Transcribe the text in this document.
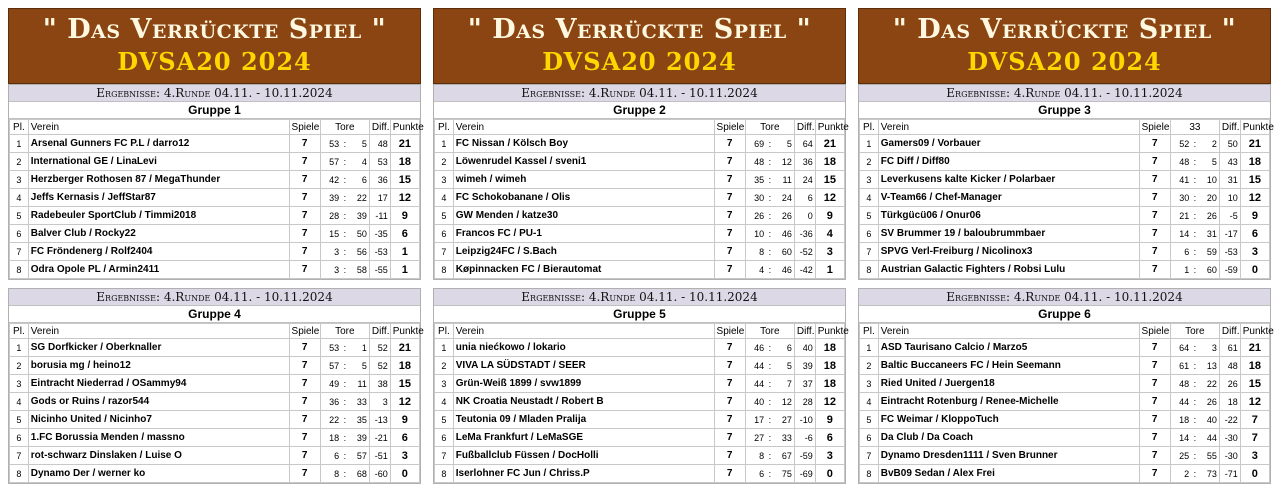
" Das Verrückte Spiel "
DVSA20 2024
Ergebnisse: 4.Runde 04.11. - 10.11.2024
Gruppe 1
Pl.	Verein	Spiele	Tore			Diff.	Punkte
1	Arsenal Gunners FC P.L / darro12	7	53	:	5	48	21
2	International GE / LinaLevi	7	57	:	4	53	18
3	Herzberger Rothosen 87 / MegaThunder	7	42	:	6	36	15
4	Jeffs Kernasis / JeffStar87	7	39	:	22	17	12
5	Radebeuler SportClub / Timmi2018	7	28	:	39	-11	9
6	Balver Club / Rocky22	7	15	:	50	-35	6
7	FC Fröndenerg / Rolf2404	7	3	:	56	-53	1
8	Odra Opole PL / Armin2411	7	3	:	58	-55	1
Ergebnisse: 4.Runde 04.11. - 10.11.2024
Gruppe 4
Pl.	Verein	Spiele	Tore			Diff.	Punkte
1	SG Dorfkicker / Oberknaller	7	53	:	1	52	21
2	borusia mg / heino12	7	57	:	5	52	18
3	Eintracht Niederrad / OSammy94	7	49	:	11	38	15
4	Gods or Ruins / razor544	7	36	:	33	3	12
5	Nicinho United / Nicinho7	7	22	:	35	-13	9
6	1.FC Borussia Menden / massno	7	18	:	39	-21	6
7	rot-schwarz Dinslaken / Luise O	7	6	:	57	-51	3
8	Dynamo Der / werner ko	7	8	:	68	-60	0
" Das Verrückte Spiel "
DVSA20 2024
Ergebnisse: 4.Runde 04.11. - 10.11.2024
Gruppe 2
Pl.	Verein	Spiele	Tore			Diff.	Punkte
1	FC Nissan / Kölsch Boy	7	69	:	5	64	21
2	Löwenrudel Kassel / sveni1	7	48	:	12	36	18
3	wimeh / wimeh	7	35	:	11	24	15
4	FC Schokobanane / Olis	7	30	:	24	6	12
5	GW Menden / katze30	7	26	:	26	0	9
6	Francos FC / PU-1	7	10	:	46	-36	4
7	Leipzig24FC / S.Bach	7	8	:	60	-52	3
8	Køpinnacken FC / Bierautomat	7	4	:	46	-42	1
Ergebnisse: 4.Runde 04.11. - 10.11.2024
Gruppe 5
Pl.	Verein	Spiele	Tore			Diff.	Punkte
1	unia niećkowo / lokario	7	46	:	6	40	18
2	VIVA LA SÜDSTADT / SEER	7	44	:	5	39	18
3	Grün-Weiß 1899 / svw1899	7	44	:	7	37	18
4	NK Croatia Neustadt / Robert B	7	40	:	12	28	12
5	Teutonia 09 / Mladen Pralija	7	17	:	27	-10	9
6	LeMa Frankfurt / LeMaSGE	7	27	:	33	-6	6
7	Fußballclub Füssen / DocHolli	7	8	:	67	-59	3
8	Iserlohner FC Jun / Chriss.P	7	6	:	75	-69	0
" Das Verrückte Spiel "
DVSA20 2024
Ergebnisse: 4.Runde 04.11. - 10.11.2024
Gruppe 3
Pl.	Verein	Spiele	33			Diff.	Punkte
1	Gamers09 / Vorbauer	7	52	:	2	50	21
2	FC Diff / Diff80	7	48	:	5	43	18
3	Leverkusens kalte Kicker / Polarbaer	7	41	:	10	31	15
4	V-Team66 / Chef-Manager	7	30	:	20	10	12
5	Türkgücü06 / Onur06	7	21	:	26	-5	9
6	SV Brummer 19 / baloubrummbaer	7	14	:	31	-17	6
7	SPVG Verl-Freiburg / Nicolinox3	7	6	:	59	-53	3
8	Austrian Galactic Fighters / Robsi Lulu	7	1	:	60	-59	0
Ergebnisse: 4.Runde 04.11. - 10.11.2024
Gruppe 6
Pl.	Verein	Spiele	Tore			Diff.	Punkte
1	ASD Taurisano Calcio / Marzo5	7	64	:	3	61	21
2	Baltic Buccaneers FC / Hein Seemann	7	61	:	13	48	18
3	Ried United / Juergen18	7	48	:	22	26	15
4	Eintracht Rotenburg / Renee-Michelle	7	44	:	26	18	12
5	FC Weimar / KloppoTuch	7	18	:	40	-22	7
6	Da Club / Da Coach	7	14	:	44	-30	7
7	Dynamo Dresden1111 / Sven Brunner	7	25	:	55	-30	3
8	BvB09 Sedan / Alex Frei	7	2	:	73	-71	0
